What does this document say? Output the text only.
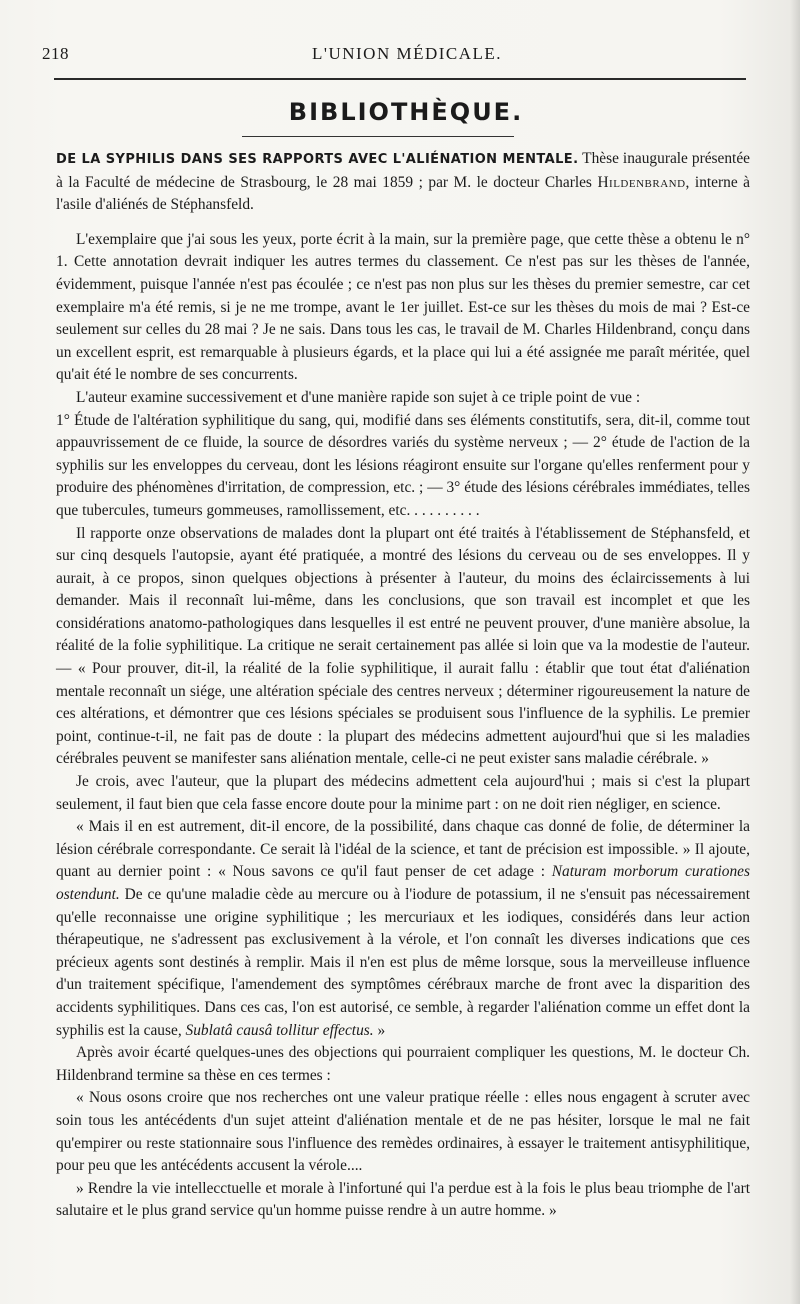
218	L'UNION MÉDICALE.
BIBLIOTHÈQUE.

DE LA SYPHILIS DANS SES RAPPORTS AVEC L'ALIÉNATION MENTALE. Thèse inaugurale présentée à la Faculté de médecine de Strasbourg, le 28 mai 1859 ; par M. le docteur Charles Hildenbrand, interne à l'asile d'aliénés de Stéphansfeld.

L'exemplaire que j'ai sous les yeux, porte écrit à la main, sur la première page, que cette thèse a obtenu le n° 1. Cette annotation devrait indiquer les autres termes du classement. Ce n'est pas sur les thèses de l'année, évidemment, puisque l'année n'est pas écoulée ; ce n'est pas non plus sur les thèses du premier semestre, car cet exemplaire m'a été remis, si je ne me trompe, avant le 1er juillet. Est-ce sur les thèses du mois de mai ? Est-ce seulement sur celles du 28 mai ? Je ne sais. Dans tous les cas, le travail de M. Charles Hildenbrand, conçu dans un excellent esprit, est remarquable à plusieurs égards, et la place qui lui a été assignée me paraît méritée, quel qu'ait été le nombre de ses concurrents.

L'auteur examine successivement et d'une manière rapide son sujet à ce triple point de vue :

1° Étude de l'altération syphilitique du sang, qui, modifié dans ses éléments constitutifs, sera, dit-il, comme tout appauvrissement de ce fluide, la source de désordres variés du système nerveux ; — 2° étude de l'action de la syphilis sur les enveloppes du cerveau, dont les lésions réagiront ensuite sur l'organe qu'elles renferment pour y produire des phénomènes d'irritation, de compression, etc. ; — 3° étude des lésions cérébrales immédiates, telles que tubercules, tumeurs gommeuses, ramollissement, etc. . . . . . . . . .

Il rapporte onze observations de malades dont la plupart ont été traités à l'établissement de Stéphansfeld, et sur cinq desquels l'autopsie, ayant été pratiquée, a montré des lésions du cerveau ou de ses enveloppes. Il y aurait, à ce propos, sinon quelques objections à présenter à l'auteur, du moins des éclaircissements à lui demander. Mais il reconnaît lui-même, dans les conclusions, que son travail est incomplet et que les considérations anatomo-pathologiques dans lesquelles il est entré ne peuvent prouver, d'une manière absolue, la réalité de la folie syphilitique. La critique ne serait certainement pas allée si loin que va la modestie de l'auteur. — « Pour prouver, dit-il, la réalité de la folie syphilitique, il aurait fallu : établir que tout état d'aliénation mentale reconnaît un siége, une altération spéciale des centres nerveux ; déterminer rigoureusement la nature de ces altérations, et démontrer que ces lésions spéciales se produisent sous l'influence de la syphilis. Le premier point, continue-t-il, ne fait pas de doute : la plupart des médecins admettent aujourd'hui que si les maladies cérébrales peuvent se manifester sans aliénation mentale, celle-ci ne peut exister sans maladie cérébrale. »

Je crois, avec l'auteur, que la plupart des médecins admettent cela aujourd'hui ; mais si c'est la plupart seulement, il faut bien que cela fasse encore doute pour la minime part : on ne doit rien négliger, en science.

« Mais il en est autrement, dit-il encore, de la possibilité, dans chaque cas donné de folie, de déterminer la lésion cérébrale correspondante. Ce serait là l'idéal de la science, et tant de précision est impossible. » Il ajoute, quant au dernier point : « Nous savons ce qu'il faut penser de cet adage : Naturam morborum curationes ostendunt. De ce qu'une maladie cède au mercure ou à l'iodure de potassium, il ne s'ensuit pas nécessairement qu'elle reconnaisse une origine syphilitique ; les mercuriaux et les iodiques, considérés dans leur action thérapeutique, ne s'adressent pas exclusivement à la vérole, et l'on connaît les diverses indications que ces précieux agents sont destinés à remplir. Mais il n'en est plus de même lorsque, sous la merveilleuse influence d'un traitement spécifique, l'amendement des symptômes cérébraux marche de front avec la disparition des accidents syphilitiques. Dans ces cas, l'on est autorisé, ce semble, à regarder l'aliénation comme un effet dont la syphilis est la cause, Sublatâ causâ tollitur effectus. »

Après avoir écarté quelques-unes des objections qui pourraient compliquer les questions, M. le docteur Ch. Hildenbrand termine sa thèse en ces termes :

« Nous osons croire que nos recherches ont une valeur pratique réelle : elles nous engagent à scruter avec soin tous les antécédents d'un sujet atteint d'aliénation mentale et de ne pas hésiter, lorsque le mal ne fait qu'empirer ou reste stationnaire sous l'influence des remèdes ordinaires, à essayer le traitement antisyphilitique, pour peu que les antécédents accusent la vérole....

» Rendre la vie intellecctuelle et morale à l'infortuné qui l'a perdue est à la fois le plus beau triomphe de l'art salutaire et le plus grand service qu'un homme puisse rendre à un autre homme. »
